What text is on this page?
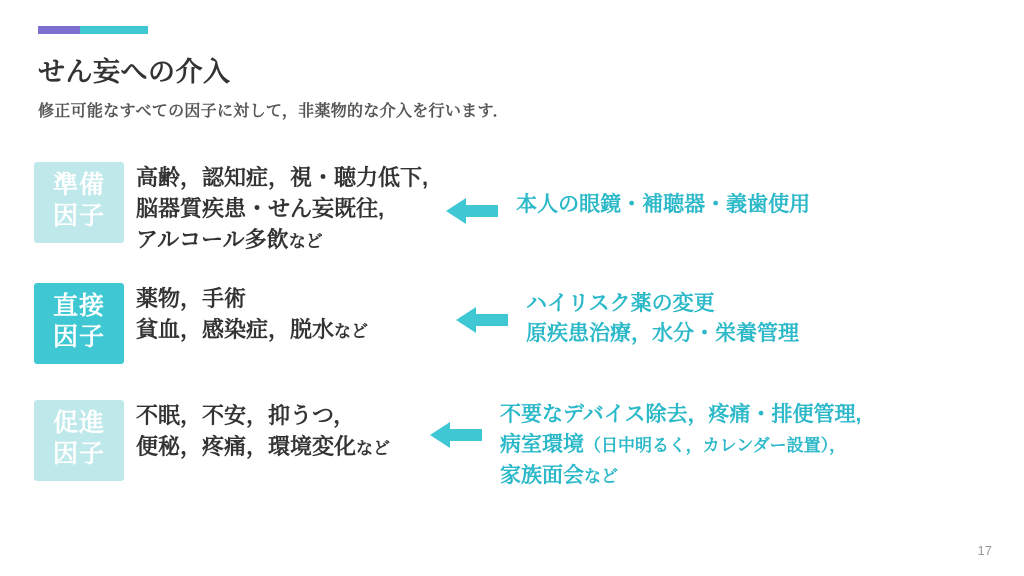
せん妄への介入
修正可能なすべての因子に対して，非薬物的な介入を行います．
準備
因子
高齢，認知症，視・聴力低下,
脳器質疾患・せん妄既往,
アルコール多飲など
本人の眼鏡・補聴器・義歯使用
直接
因子
薬物，手術
貧血，感染症，脱水など
ハイリスク薬の変更
原疾患治療，水分・栄養管理
促進
因子
不眠，不安，抑うつ，
便秘，疼痛，環境変化など
不要なデバイス除去，疼痛・排便管理,
病室環境（日中明るく，カレンダー設置），
家族面会など
17
